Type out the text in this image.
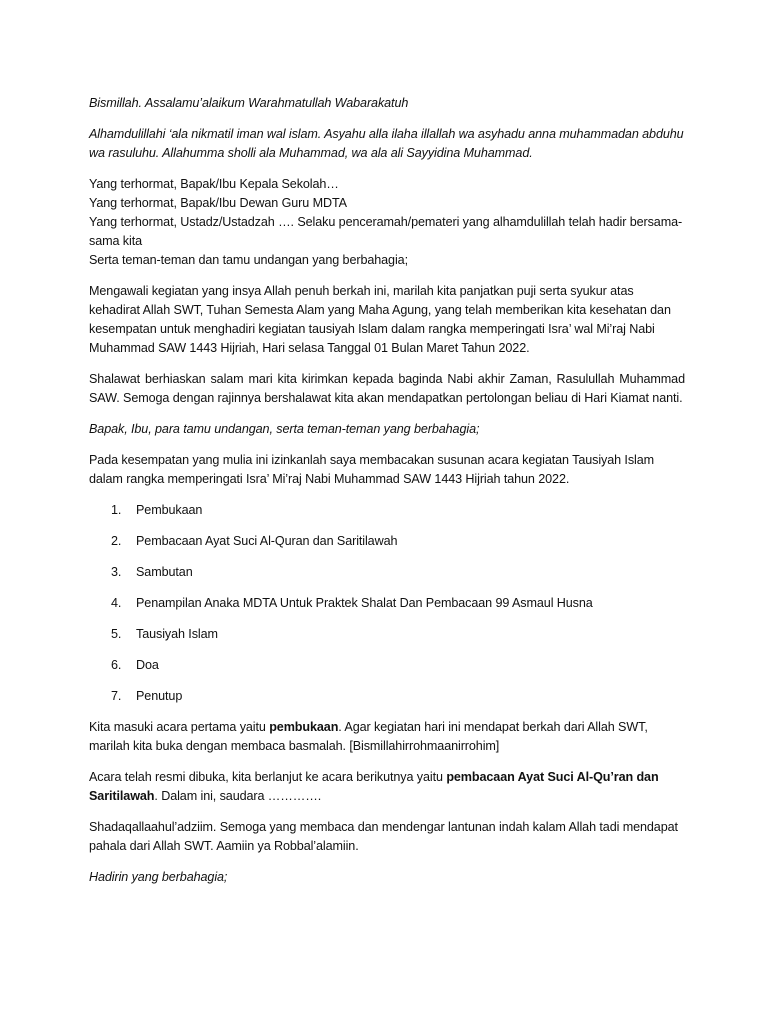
Bismillah. Assalamu’alaikum Warahmatullah Wabarakatuh

Alhamdulillahi ‘ala nikmatil iman wal islam. Asyahu alla ilaha illallah wa asyhadu anna muhammadan abduhu wa rasuluhu. Allahumma sholli ala Muhammad, wa ala ali Sayyidina Muhammad.

Yang terhormat, Bapak/Ibu Kepala Sekolah…
Yang terhormat, Bapak/Ibu Dewan Guru MDTA
Yang terhormat, Ustadz/Ustadzah …. Selaku penceramah/pemateri yang alhamdulillah telah hadir bersama-sama kita
Serta teman-teman dan tamu undangan yang berbahagia;

Mengawali kegiatan yang insya Allah penuh berkah ini, marilah kita panjatkan puji serta syukur atas kehadirat Allah SWT, Tuhan Semesta Alam yang Maha Agung, yang telah memberikan kita kesehatan dan kesempatan untuk menghadiri kegiatan tausiyah Islam dalam rangka memperingati Isra’ wal Mi’raj Nabi Muhammad SAW 1443 Hijriah, Hari selasa Tanggal 01 Bulan Maret Tahun 2022.

Shalawat berhiaskan salam mari kita kirimkan kepada baginda Nabi akhir Zaman, Rasulullah Muhammad SAW. Semoga dengan rajinnya bershalawat kita akan mendapatkan pertolongan beliau di Hari Kiamat nanti.

Bapak, Ibu, para tamu undangan, serta teman-teman yang berbahagia;

Pada kesempatan yang mulia ini izinkanlah saya membacakan susunan acara kegiatan Tausiyah Islam dalam rangka memperingati Isra’ Mi’raj Nabi Muhammad SAW 1443 Hijriah tahun 2022.

1.	Pembukaan
2.	Pembacaan Ayat Suci Al-Quran dan Saritilawah
3.	Sambutan
4.	Penampilan Anaka MDTA Untuk Praktek Shalat Dan Pembacaan 99 Asmaul Husna
5.	Tausiyah Islam
6.	Doa
7.	Penutup

Kita masuki acara pertama yaitu pembukaan. Agar kegiatan hari ini mendapat berkah dari Allah SWT, marilah kita buka dengan membaca basmalah. [Bismillahirrohmaanirrohim]

Acara telah resmi dibuka, kita berlanjut ke acara berikutnya yaitu pembacaan Ayat Suci Al-Qu’ran dan Saritilawah. Dalam ini, saudara ………….

Shadaqallaahul’adziim. Semoga yang membaca dan mendengar lantunan indah kalam Allah tadi mendapat pahala dari Allah SWT. Aamiin ya Robbal’alamiin.

Hadirin yang berbahagia;
